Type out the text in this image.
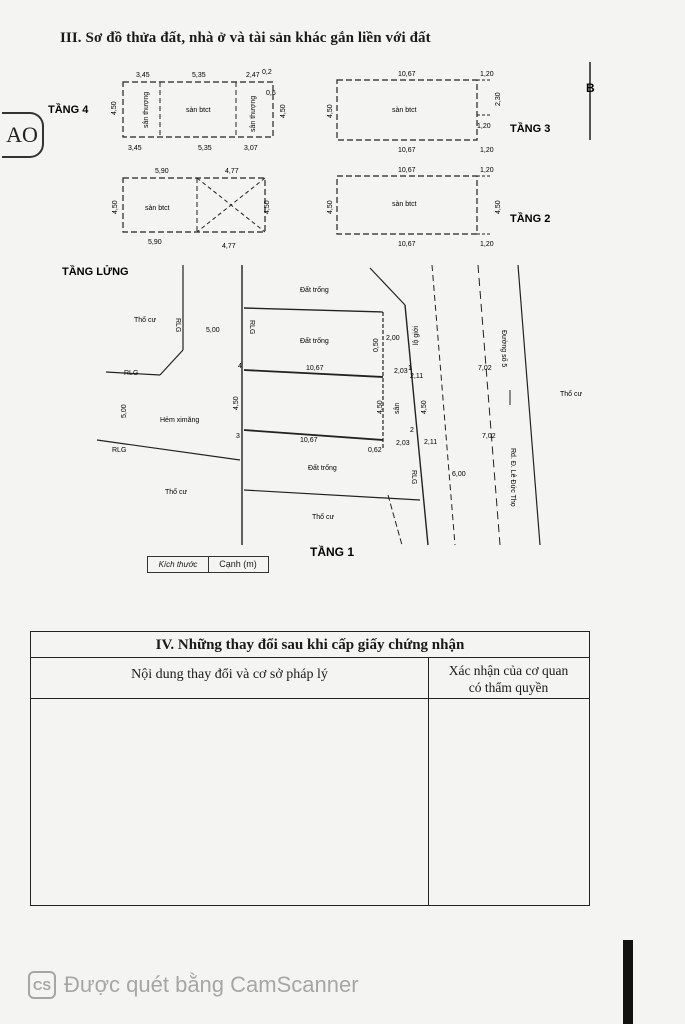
III. Sơ đồ thửa đất, nhà ở và tài sản khác gắn liền với đất
AO
B
TẦNG 4
3,45	5,35	2,47 0,2
3,45	5,35	3,07
4,50	4,50
sân thượng	sàn btct	sân thượng
0,6
10,67	1,20
10,67	1,20
4,50
2,30
1,20
sàn btct
TẦNG 3
5,90	4,77
5,90
4,77
4,50	4,50
sàn btct
10,67	1,20
10,67	1,20
4,50	4,50
sàn btct
TẦNG 2
TẦNG LỬNG
Đất trống
Đất trống
Đất trống
Thổ cư
Thổ cư
Thổ cư
Thổ cư
Hẻm ximăng
lộ giới	Đường số 5
Rd. Đ. Lê Đức Thọ
sân
RLG	RLG
RLG
RLG
RLG
5,00
10,67
10,67
4,50
5,00
2,00
2,03
2,03
2,11
2,11
4,50	4,50
0,50
0,62
7,02
7,02
6,00
4
3
2
1
TẦNG 1
Kích thước	Cạnh (m)
IV. Những thay đổi sau khi cấp giấy chứng nhận
Nội dung thay đổi và cơ sở pháp lý	Xác nhận của cơ quan
có thẩm quyền
CS Được quét bằng CamScanner
